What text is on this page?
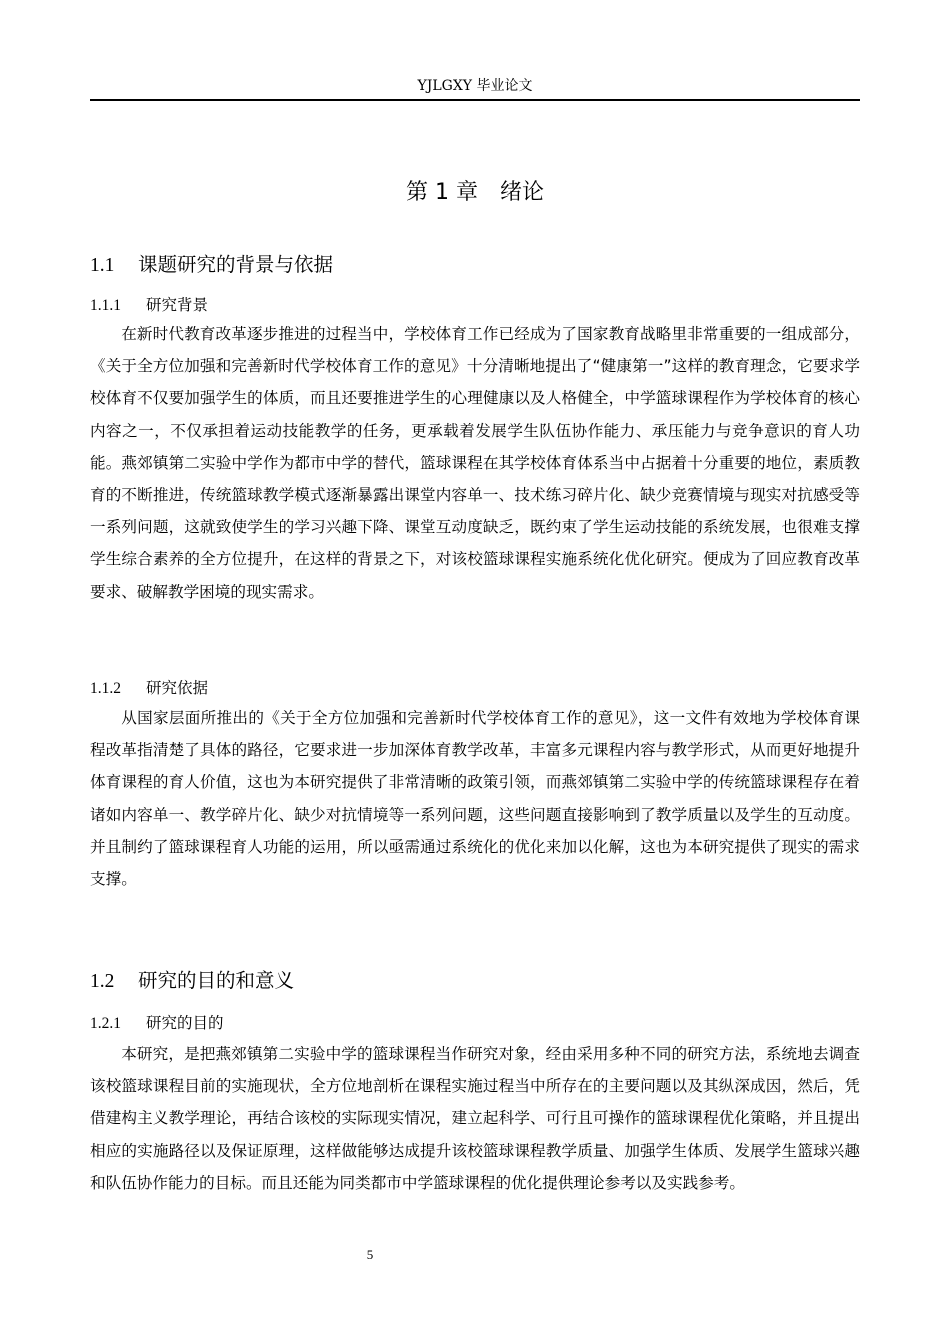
YJLGXY 毕业论文
第 1 章　绪论
1.1 课题研究的背景与依据
1.1.1 研究背景

在新时代教育改革逐步推进的过程当中，学校体育工作已经成为了国家教育战略里非常重要的一组成部分，《关于全方位加强和完善新时代学校体育工作的意见》十分清晰地提出了“健康第一”这样的教育理念，它要求学校体育不仅要加强学生的体质，而且还要推进学生的心理健康以及人格健全，中学篮球课程作为学校体育的核心内容之一，不仅承担着运动技能教学的任务，更承载着发展学生队伍协作能力、承压能力与竞争意识的育人功能。燕郊镇第二实验中学作为都市中学的替代，篮球课程在其学校体育体系当中占据着十分重要的地位，素质教育的不断推进，传统篮球教学模式逐渐暴露出课堂内容单一、技术练习碎片化、缺少竞赛情境与现实对抗感受等一系列问题，这就致使学生的学习兴趣下降、课堂互动度缺乏，既约束了学生运动技能的系统发展，也很难支撑学生综合素养的全方位提升，在这样的背景之下，对该校篮球课程实施系统化优化研究。便成为了回应教育改革要求、破解教学困境的现实需求。

1.1.2 研究依据

从国家层面所推出的《关于全方位加强和完善新时代学校体育工作的意见》，这一文件有效地为学校体育课程改革指清楚了具体的路径，它要求进一步加深体育教学改革，丰富多元课程内容与教学形式，从而更好地提升体育课程的育人价值，这也为本研究提供了非常清晰的政策引领，而燕郊镇第二实验中学的传统篮球课程存在着诸如内容单一、教学碎片化、缺少对抗情境等一系列问题，这些问题直接影响到了教学质量以及学生的互动度。并且制约了篮球课程育人功能的运用，所以亟需通过系统化的优化来加以化解，这也为本研究提供了现实的需求支撑。

1.2 研究的目的和意义
1.2.1 研究的目的

本研究，是把燕郊镇第二实验中学的篮球课程当作研究对象，经由采用多种不同的研究方法，系统地去调查该校篮球课程目前的实施现状，全方位地剖析在课程实施过程当中所存在的主要问题以及其纵深成因，然后，凭借建构主义教学理论，再结合该校的实际现实情况，建立起科学、可行且可操作的篮球课程优化策略，并且提出相应的实施路径以及保证原理，这样做能够达成提升该校篮球课程教学质量、加强学生体质、发展学生篮球兴趣和队伍协作能力的目标。而且还能为同类都市中学篮球课程的优化提供理论参考以及实践参考。

5
